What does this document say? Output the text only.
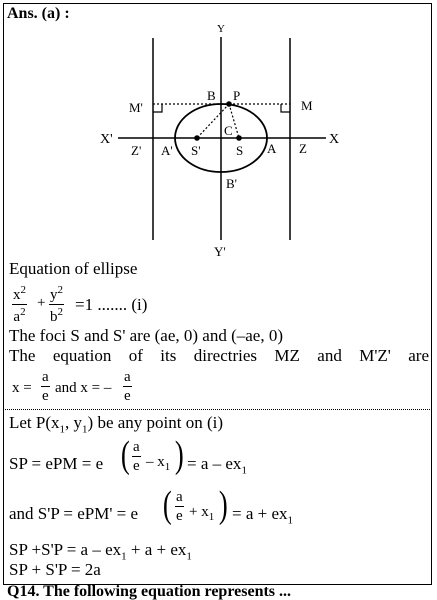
Ans. (a) :
Y
Y'
X
X'
B P
C
S
S'	A
A'
B'
M
M'
Z
Z'
Equation of ellipse
$\frac{x^2}{a^2} + \frac{y^2}{b^2} =1$ ....... (i)
The foci S and S' are (ae, 0) and (–ae, 0)
The equation of its directries MZ and M'Z' are
$x = \frac{a}{e}$ and x = – $\frac{a}{e}$
Let $P(x_1$, $y_1$) be any point on (i)
SP = ePM = e ( $\frac{a}{e} - x_1$ ) = a – $ex_1$
and S'P = ePM' = e ( $\frac{a}{e} + x_1$ ) = $a + ex_1$
SP $+S'P = a - ex_1 + a + ex_1$
SP + S'P = 2a
Q14. The following equation represents ...
